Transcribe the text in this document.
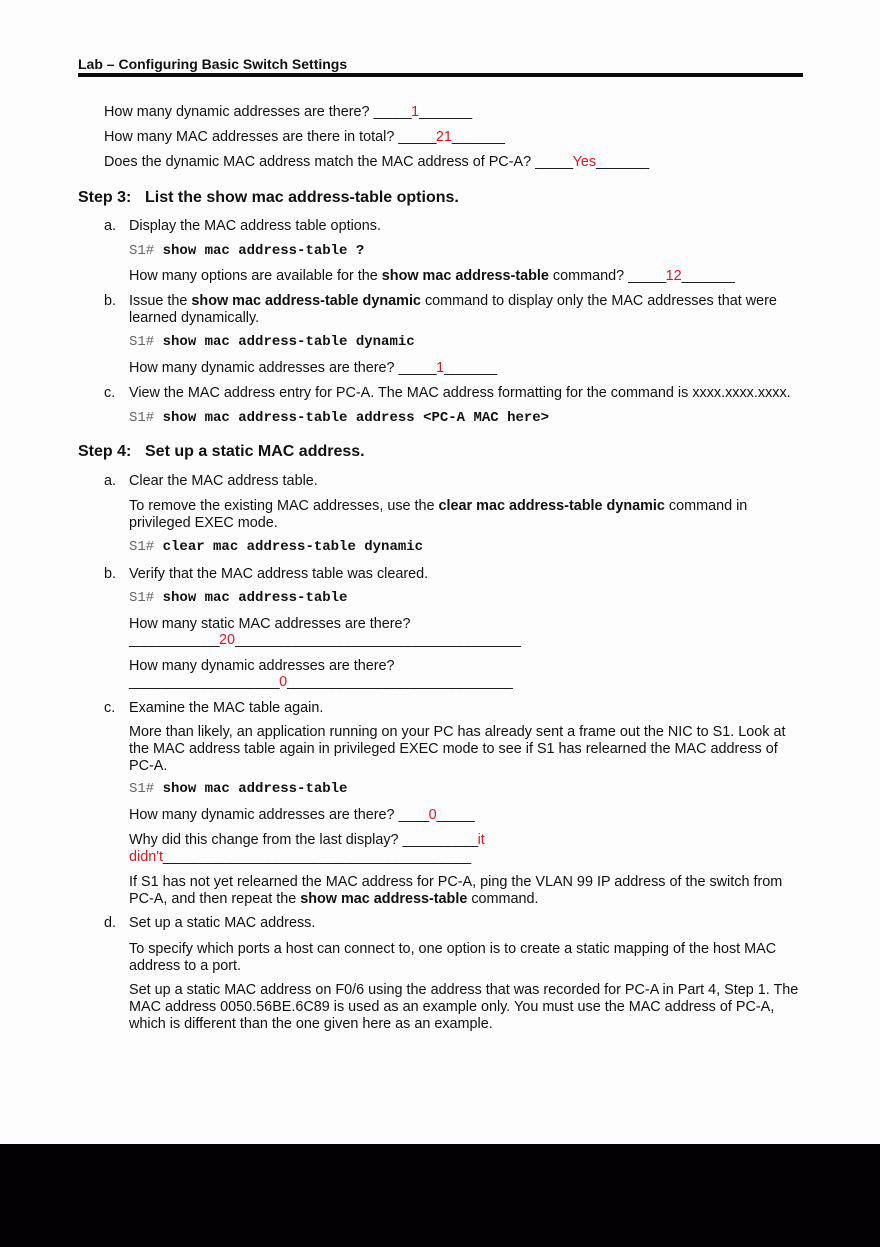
Lab – Configuring Basic Switch Settings
How many dynamic addresses are there? _____1_______
How many MAC addresses are there in total? _____21_______
Does the dynamic MAC address match the MAC address of PC-A? _____Yes_______
Step 3: List the show mac address-table options.
a. Display the MAC address table options.
S1# show mac address-table ?
How many options are available for the show mac address-table command? _____12_______
b. Issue the show mac address-table dynamic command to display only the MAC addresses that were learned dynamically.
S1# show mac address-table dynamic
How many dynamic addresses are there? _____1_______
c. View the MAC address entry for PC-A. The MAC address formatting for the command is xxxx.xxxx.xxxx.
S1# show mac address-table address <PC-A MAC here>
Step 4: Set up a static MAC address.
a. Clear the MAC address table.
To remove the existing MAC addresses, use the clear mac address-table dynamic command in privileged EXEC mode.
S1# clear mac address-table dynamic
b. Verify that the MAC address table was cleared.
S1# show mac address-table
How many static MAC addresses are there?
____________20______________________________________
How many dynamic addresses are there?
____________________0______________________________
c. Examine the MAC table again.
More than likely, an application running on your PC has already sent a frame out the NIC to S1. Look at the MAC address table again in privileged EXEC mode to see if S1 has relearned the MAC address of PC-A.
S1# show mac address-table
How many dynamic addresses are there? ____0_____
Why did this change from the last display? __________it
didn't_________________________________________
If S1 has not yet relearned the MAC address for PC-A, ping the VLAN 99 IP address of the switch from PC-A, and then repeat the show mac address-table command.
d. Set up a static MAC address.
To specify which ports a host can connect to, one option is to create a static mapping of the host MAC address to a port.
Set up a static MAC address on F0/6 using the address that was recorded for PC-A in Part 4, Step 1. The MAC address 0050.56BE.6C89 is used as an example only. You must use the MAC address of PC-A, which is different than the one given here as an example.
